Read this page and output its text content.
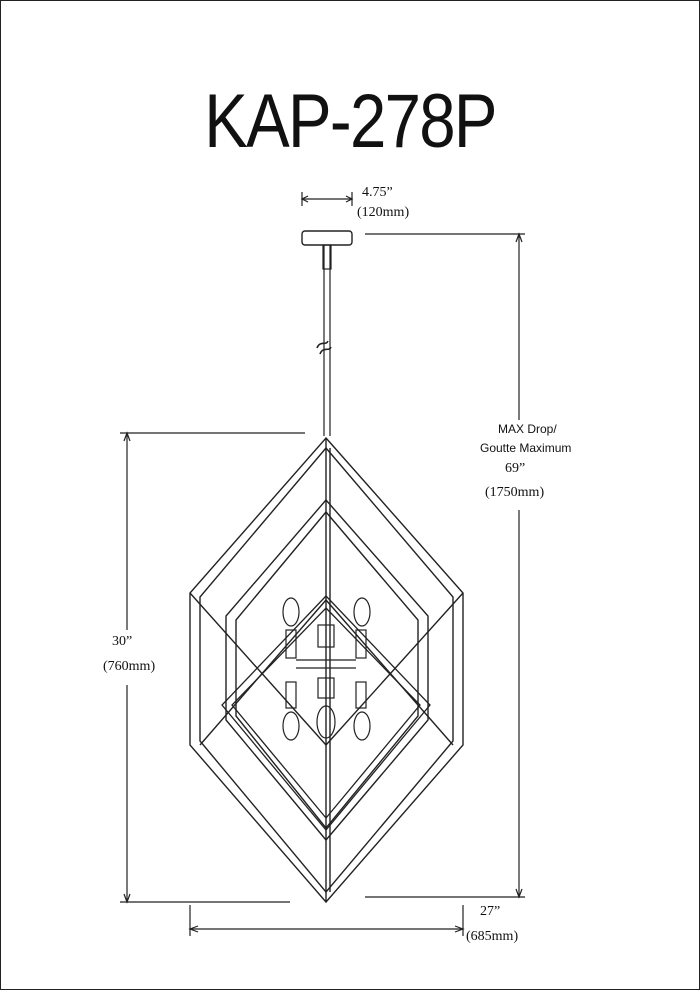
KAP-278P
4.75”
(120mm)
MAX Drop/
Goutte Maximum
69”
(1750mm)
30”
(760mm)
27”
(685mm)
